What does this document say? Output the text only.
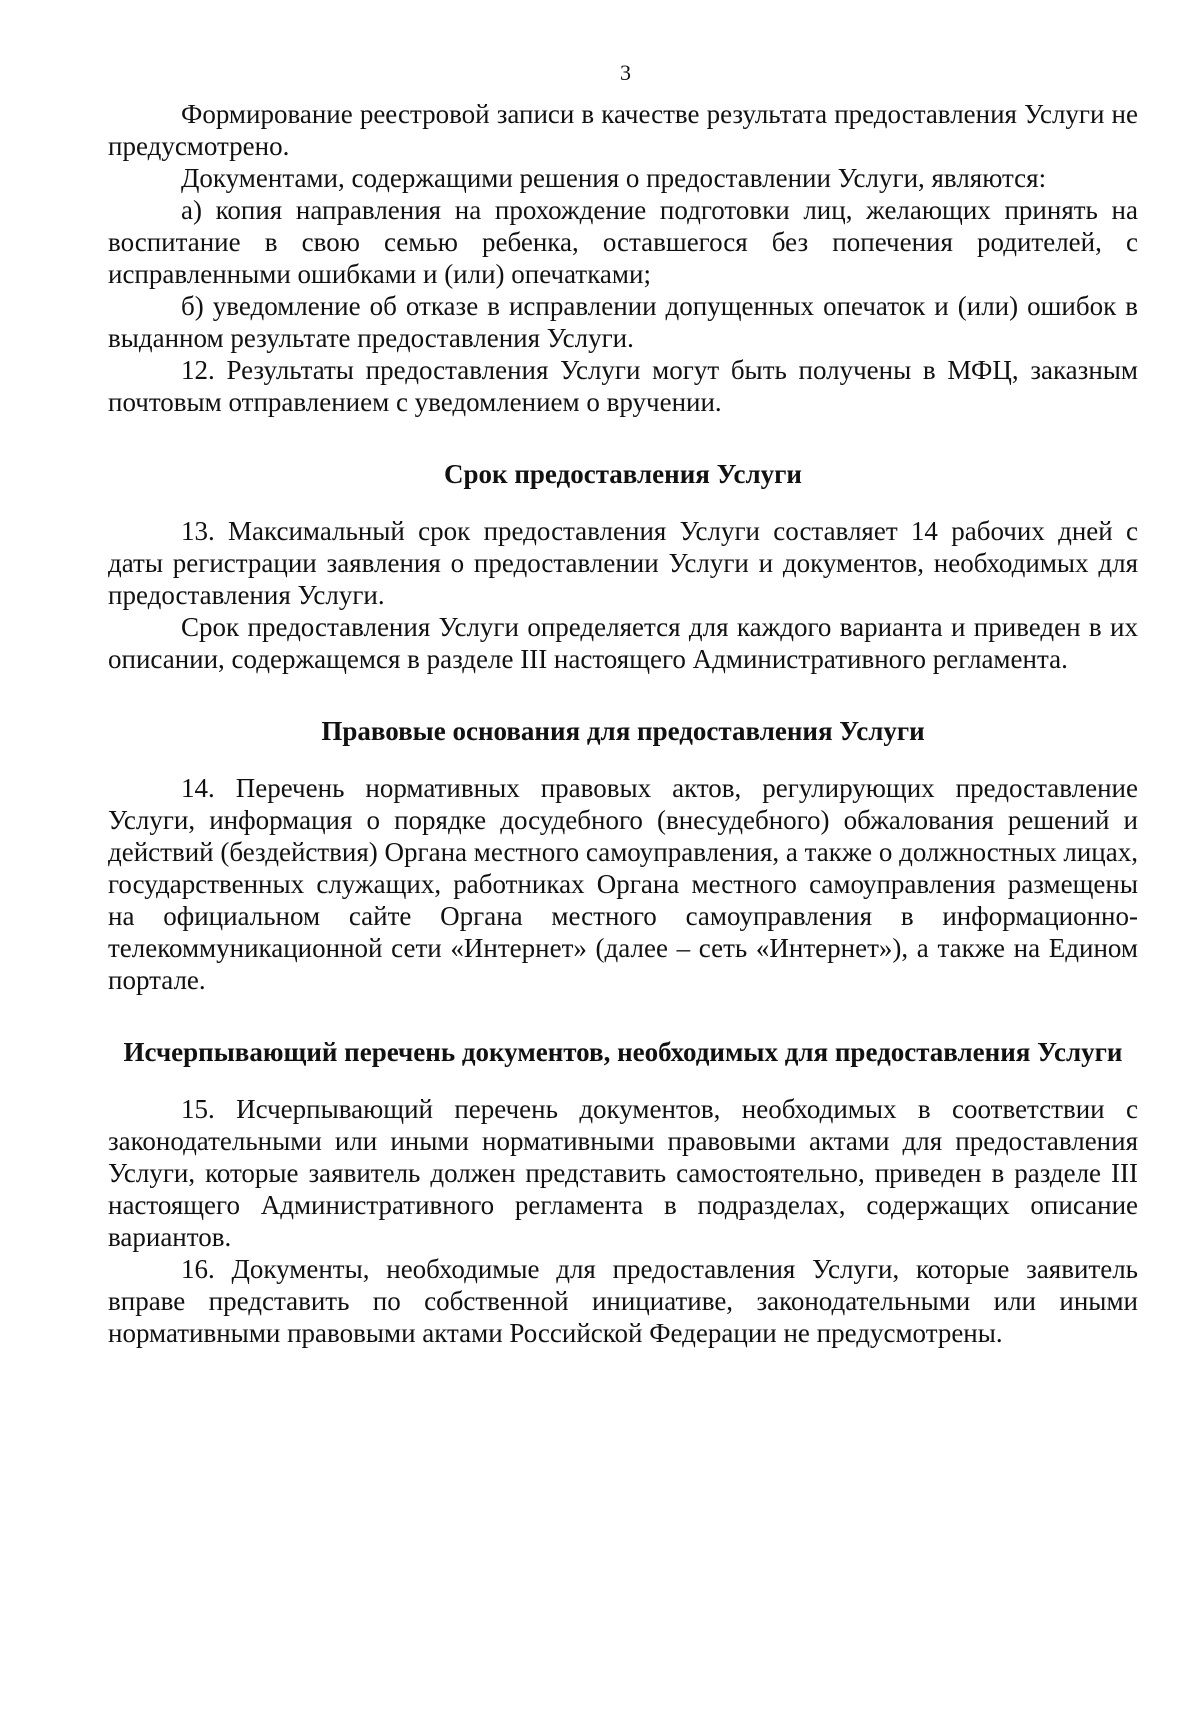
3

Формирование реестровой записи в качестве результата предоставления Услуги не предусмотрено.

Документами, содержащими решения о предоставлении Услуги, являются:

а) копия направления на прохождение подготовки лиц, желающих принять на воспитание в свою семью ребенка, оставшегося без попечения родителей, с исправленными ошибками и (или) опечатками;

б) уведомление об отказе в исправлении допущенных опечаток и (или) ошибок в выданном результате предоставления Услуги.

12. Результаты предоставления Услуги могут быть получены в МФЦ, заказным почтовым отправлением с уведомлением о вручении.

Срок предоставления Услуги

13. Максимальный срок предоставления Услуги составляет 14 рабочих дней с даты регистрации заявления о предоставлении Услуги и документов, необходимых для предоставления Услуги.

Срок предоставления Услуги определяется для каждого варианта и приведен в их описании, содержащемся в разделе III настоящего Административного регламента.

Правовые основания для предоставления Услуги

14. Перечень нормативных правовых актов, регулирующих предоставление Услуги, информация о порядке досудебного (внесудебного) обжалования решений и действий (бездействия) Органа местного самоуправления, а также о должностных лицах, государственных служащих, работниках Органа местного самоуправления размещены на официальном сайте Органа местного самоуправления в информационно-телекоммуникационной сети «Интернет» (далее – сеть «Интернет»), а также на Едином портале.

Исчерпывающий перечень документов, необходимых для предоставления Услуги

15. Исчерпывающий перечень документов, необходимых в соответствии с законодательными или иными нормативными правовыми актами для предоставления Услуги, которые заявитель должен представить самостоятельно, приведен в разделе III настоящего Административного регламента в подразделах, содержащих описание вариантов.

16. Документы, необходимые для предоставления Услуги, которые заявитель вправе представить по собственной инициативе, законодательными или иными нормативными правовыми актами Российской Федерации не предусмотрены.
